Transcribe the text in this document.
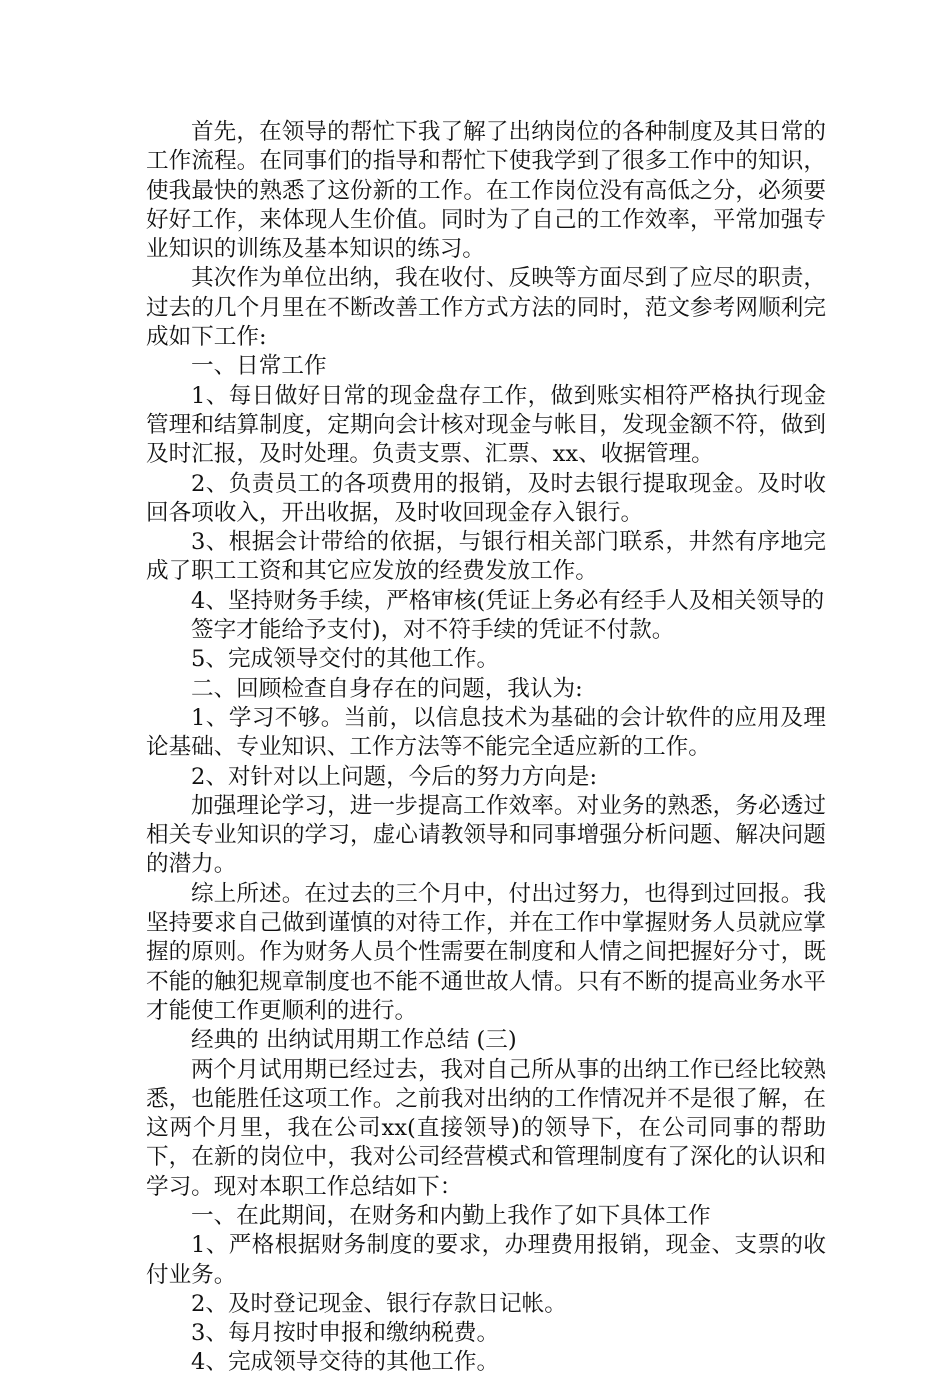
首先，在领导的帮忙下我了解了出纳岗位的各种制度及其日常的工作流程。在同事们的指导和帮忙下使我学到了很多工作中的知识，使我最快的熟悉了这份新的工作。在工作岗位没有高低之分，必须要好好工作，来体现人生价值。同时为了自己的工作效率，平常加强专业知识的训练及基本知识的练习。

其次作为单位出纳，我在收付、反映等方面尽到了应尽的职责，过去的几个月里在不断改善工作方式方法的同时，范文参考网顺利完成如下工作:

一、日常工作

1、每日做好日常的现金盘存工作，做到账实相符严格执行现金管理和结算制度，定期向会计核对现金与帐目，发现金额不符，做到及时汇报，及时处理。负责支票、汇票、xx、收据管理。

2、负责员工的各项费用的报销，及时去银行提取现金。及时收回各项收入，开出收据，及时收回现金存入银行。

3、根据会计带给的依据，与银行相关部门联系，井然有序地完成了职工工资和其它应发放的经费发放工作。

4、坚持财务手续，严格审核(凭证上务必有经手人及相关领导的

签字才能给予支付)，对不符手续的凭证不付款。

5、完成领导交付的其他工作。

二、回顾检查自身存在的问题，我认为:

1、学习不够。当前，以信息技术为基础的会计软件的应用及理论基础、专业知识、工作方法等不能完全适应新的工作。

2、对针对以上问题，今后的努力方向是:

加强理论学习，进一步提高工作效率。对业务的熟悉，务必透过相关专业知识的学习，虚心请教领导和同事增强分析问题、解决问题的潜力。

综上所述。在过去的三个月中，付出过努力，也得到过回报。我坚持要求自己做到谨慎的对待工作，并在工作中掌握财务人员就应掌握的原则。作为财务人员个性需要在制度和人情之间把握好分寸，既不能的触犯规章制度也不能不通世故人情。只有不断的提高业务水平才能使工作更顺利的进行。

经典的 出纳试用期工作总结 (三)

两个月试用期已经过去，我对自己所从事的出纳工作已经比较熟悉，也能胜任这项工作。之前我对出纳的工作情况并不是很了解，在这两个月里，我在公司xx(直接领导)的领导下，在公司同事的帮助下，在新的岗位中，我对公司经营模式和管理制度有了深化的认识和学习。现对本职工作总结如下：

一、在此期间，在财务和内勤上我作了如下具体工作

1、严格根据财务制度的要求，办理费用报销，现金、支票的收付业务。

2、及时登记现金、银行存款日记帐。

3、每月按时申报和缴纳税费。

4、完成领导交待的其他工作。
